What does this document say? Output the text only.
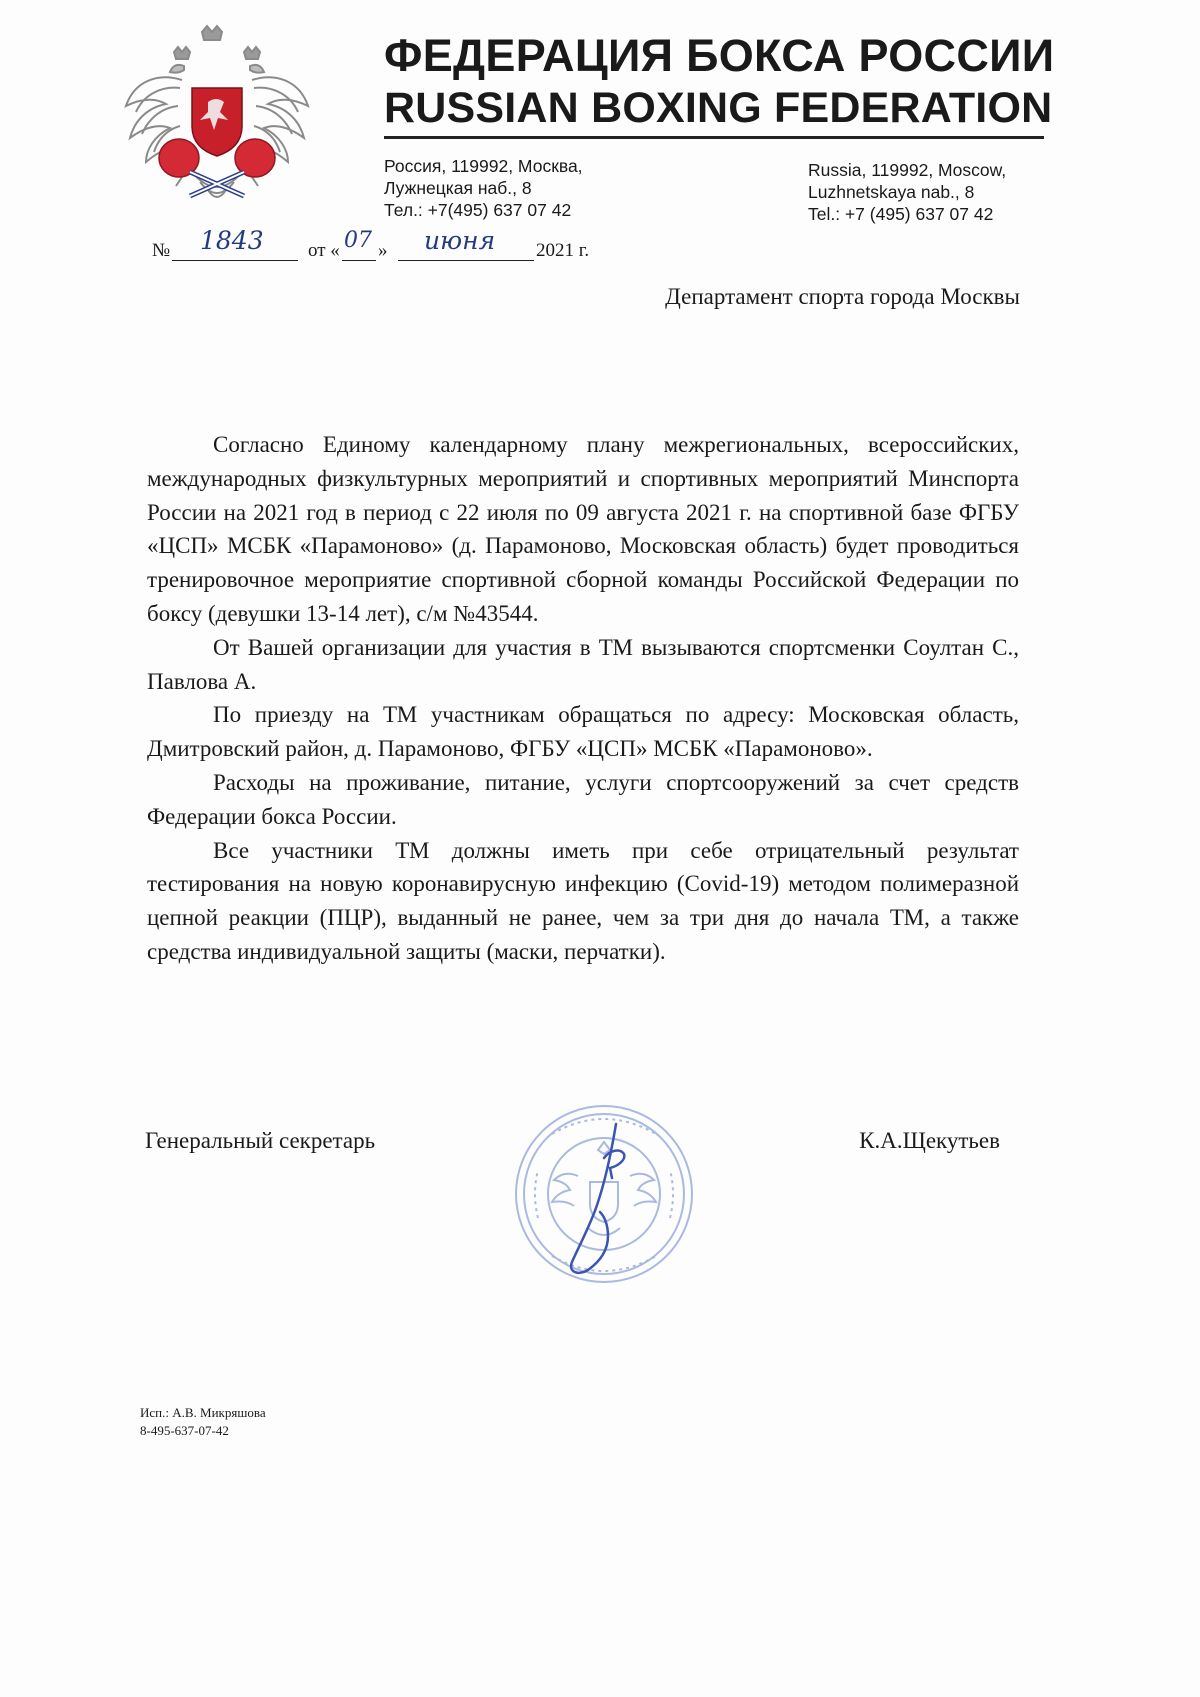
ФЕДЕРАЦИЯ БОКСА РОССИИ
RUSSIAN BOXING FEDERATION
Россия, 119992, Москва,
Лужнецкая наб., 8
Тел.: +7(495) 637 07 42
Russia, 119992, Moscow,
Luzhnetskaya nab., 8
Tel.: +7 (495) 637 07 42
№ 1843 от « 07 » июня 2021 г.
Департамент спорта города Москвы

Согласно Единому календарному плану межрегиональных, всероссийских, международных физкультурных мероприятий и спортивных мероприятий Минспорта России на 2021 год в период с 22 июля по 09 августа 2021 г. на спортивной базе ФГБУ «ЦСП» МСБК «Парамоново» (д. Парамоново, Московская область) будет проводиться тренировочное мероприятие спортивной сборной команды Российской Федерации по боксу (девушки 13-14 лет), с/м №43544.

От Вашей организации для участия в ТМ вызываются спортсменки Соултан С., Павлова А.

По приезду на ТМ участникам обращаться по адресу: Московская область, Дмитровский район, д. Парамоново, ФГБУ «ЦСП» МСБК «Парамоново».

Расходы на проживание, питание, услуги спортсооружений за счет средств Федерации бокса России.

Все участники ТМ должны иметь при себе отрицательный результат тестирования на новую коронавирусную инфекцию (Covid-19) методом полимеразной цепной реакции (ПЦР), выданный не ранее, чем за три дня до начала ТМ, а также средства индивидуальной защиты (маски, перчатки).

Генеральный секретарь	К.А.Щекутьев
Исп.: А.В. Микряшова
8-495-637-07-42
